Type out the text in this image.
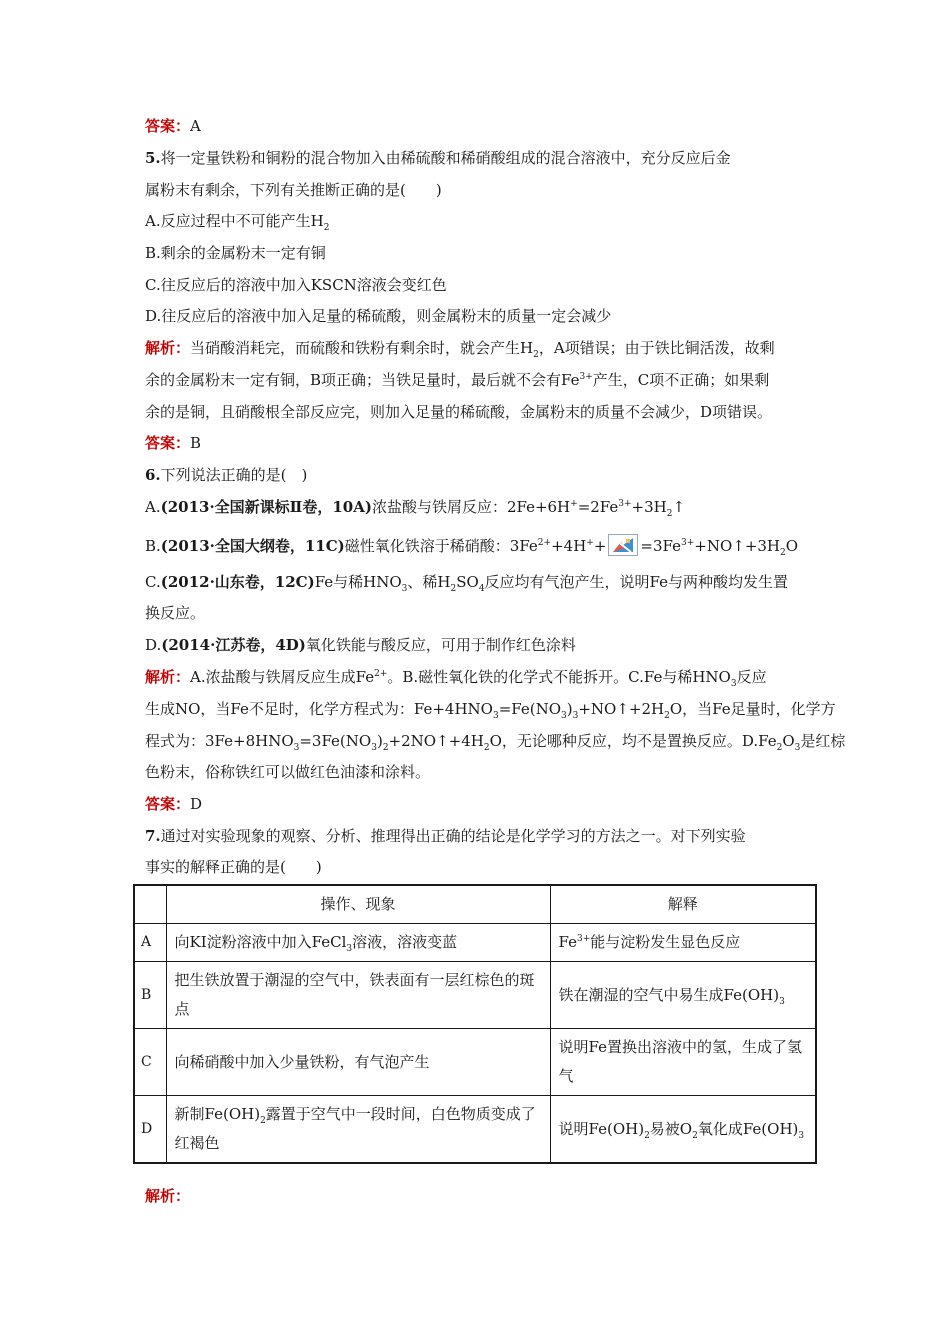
答案：A
5.将一定量铁粉和铜粉的混合物加入由稀硫酸和稀硝酸组成的混合溶液中，充分反应后金
属粉末有剩余，下列有关推断正确的是(　　)
A.反应过程中不可能产生$H_2$
B.剩余的金属粉末一定有铜
C.往反应后的溶液中加入KSCN溶液会变红色
D.往反应后的溶液中加入足量的稀硫酸，则金属粉末的质量一定会减少
解析：当硝酸消耗完，而硫酸和铁粉有剩余时，就会产生$H_2$，A项错误；由于铁比铜活泼，故剩
余的金属粉末一定有铜，B项正确；当铁足量时，最后就不会有$Fe^{3+}$产生，C项不正确；如果剩
余的是铜，且硝酸根全部反应完，则加入足量的稀硫酸，金属粉末的质量不会减少，D项错误。
答案：B
6.下列说法正确的是(　)
A.(2013·全国新课标Ⅱ卷，10A)浓盐酸与铁屑反应：$2Fe+6H^+=2Fe^{3+}+3H_2↑$
B.(2013·全国大纲卷，11C)磁性氧化铁溶于稀硝酸：$3Fe^{2+}+4H^++$ $=3Fe^{3+}+NO↑+3H_2O$
C.(2012·山东卷，12C)Fe与稀$HNO_3$、稀$H_2SO_4$反应均有气泡产生，说明Fe与两种酸均发生置
换反应。
D.(2014·江苏卷，4D)氧化铁能与酸反应，可用于制作红色涂料
解析：A.浓盐酸与铁屑反应生成$Fe^{2+}$。B.磁性氧化铁的化学式不能拆开。C.Fe与稀$HNO_3$反应
生成NO，当Fe不足时，化学方程式为：$Fe+4HNO_3=Fe(NO_3)_3+NO↑+2H_2O$，当Fe足量时，化学方
程式为：$3Fe+8HNO_3=3Fe(NO_3)_2+2NO↑+4H_2O$，无论哪种反应，均不是置换反应。$D.Fe_2O_3$是红棕
色粉末，俗称铁红可以做红色油漆和涂料。
答案：D
7.通过对实验现象的观察、分析、推理得出正确的结论是化学学习的方法之一。对下列实验
事实的解释正确的是(　　)
	操作、现象	解释
A	向KI淀粉溶液中加入FeCl$_3$溶液，溶液变蓝	$Fe^{3+}$能与淀粉发生显色反应
B	把生铁放置于潮湿的空气中，铁表面有一层红棕色的斑点	铁在潮湿的空气中易生成$Fe(OH)_3$
C	向稀硝酸中加入少量铁粉，有气泡产生	说明Fe置换出溶液中的氢，生成了氢气
D	新制$Fe(OH)_2$露置于空气中一段时间，白色物质变成了红褐色	说明$Fe(OH)_2$易被$O_2$氧化成$Fe(OH)_3$
解析：
